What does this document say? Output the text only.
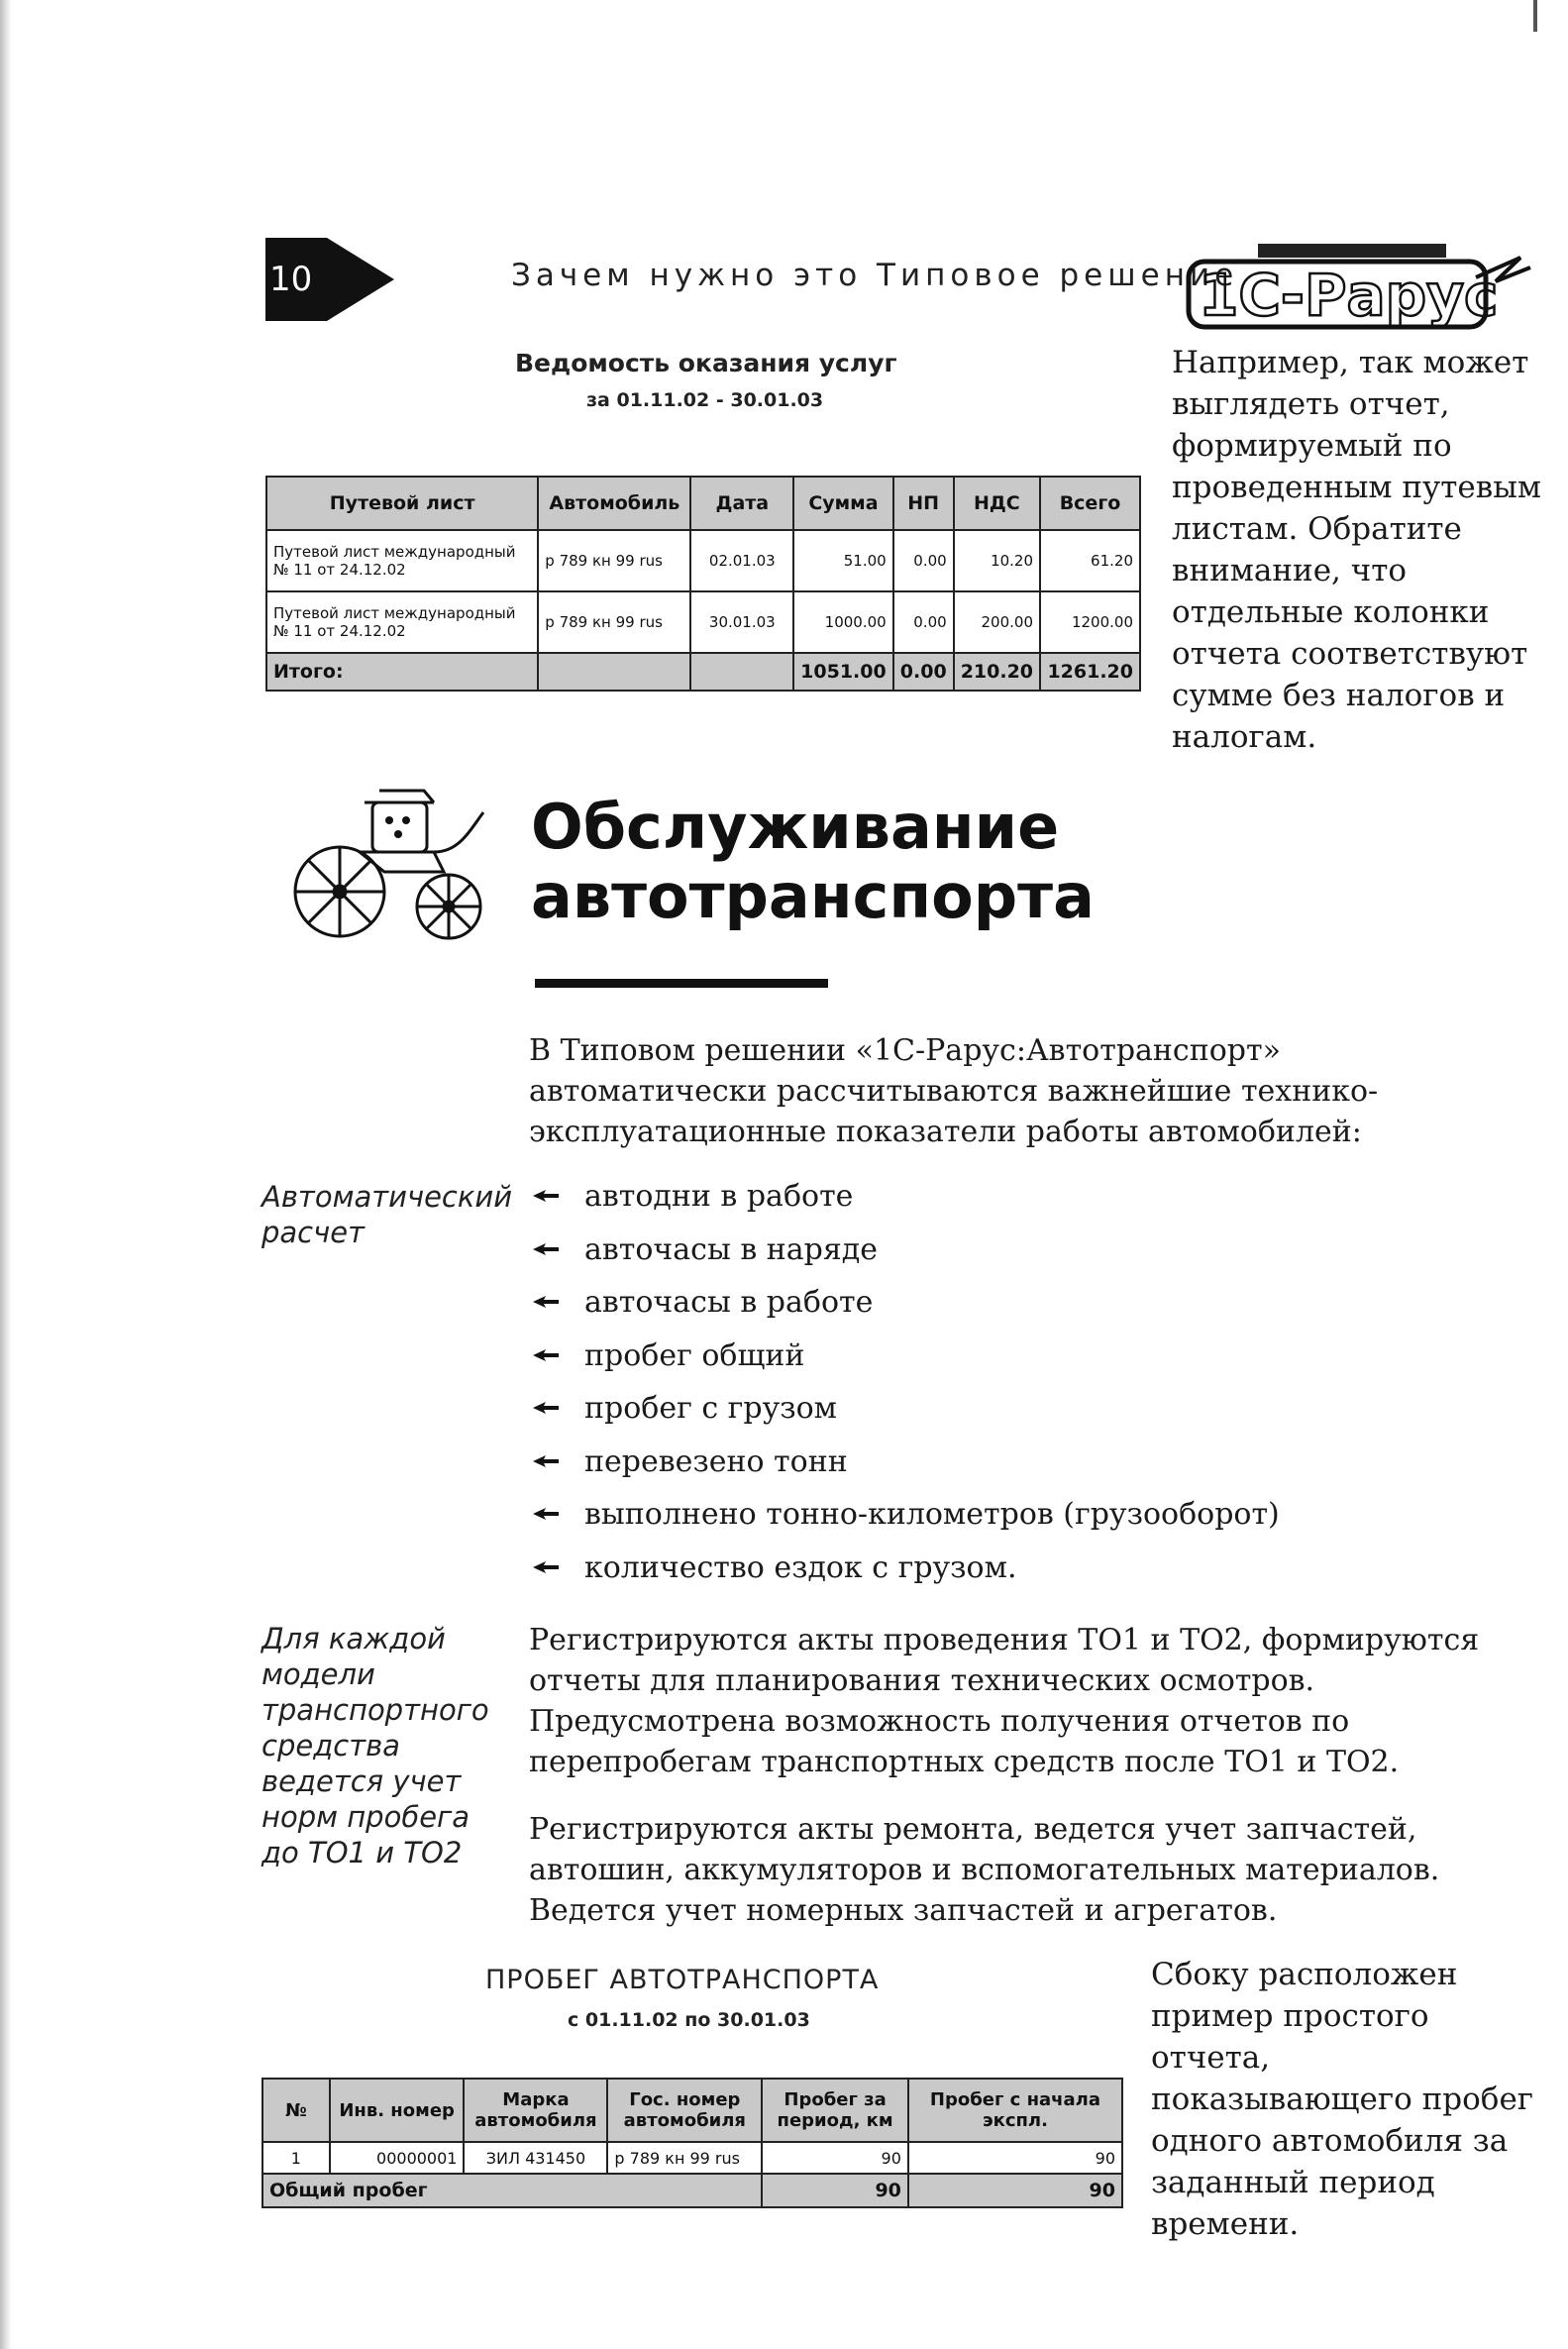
10	Зачем нужно это Типовое решение
1С-Рарус
Ведомость оказания услуг
за 01.11.02 - 30.01.03
Путевой лист	Автомобиль	Дата	Сумма	НП	НДС	Всего
Путевой лист международный № 11 от 24.12.02	р 789 кн 99 rus	02.01.03	51.00	0.00	10.20	61.20
Путевой лист международный № 11 от 24.12.02	р 789 кн 99 rus	30.01.03	1000.00	0.00	200.00	1200.00
Итого:			1051.00	0.00	210.20	1261.20
Например, так может выглядеть отчет, формируемый по проведенным путевым листам. Обратите внимание, что отдельные колонки отчета соответствуют сумме без налогов и налогам.
Обслуживание
автотранспорта
В Типовом решении «1С-Рарус:Автотранспорт» автоматически рассчитываются важнейшие технико-эксплуатационные показатели работы автомобилей:
Автоматический расчет
автодни в работе
авточасы в наряде
авточасы в работе
пробег общий
пробег с грузом
перевезено тонн
выполнено тонно-километров (грузооборот)
количество ездок с грузом.
Для каждой модели транспортного средства ведется учет норм пробега до ТО1 и ТО2
Регистрируются акты проведения ТО1 и ТО2, формируются отчеты для планирования технических осмотров. Предусмотрена возможность получения отчетов по перепробегам транспортных средств после ТО1 и ТО2.
Регистрируются акты ремонта, ведется учет запчастей, автошин, аккумуляторов и вспомогательных материалов. Ведется учет номерных запчастей и агрегатов.
ПРОБЕГ АВТОТРАНСПОРТА
с 01.11.02 по 30.01.03
№	Инв. номер	Марка автомобиля	Гос. номер автомобиля	Пробег за период, км	Пробег с начала экспл.
1	00000001	ЗИЛ 431450	р 789 кн 99 rus	90	90
Общий пробег				90	90
Сбоку расположен пример простого отчета, показывающего пробег одного автомобиля за заданный период времени.
